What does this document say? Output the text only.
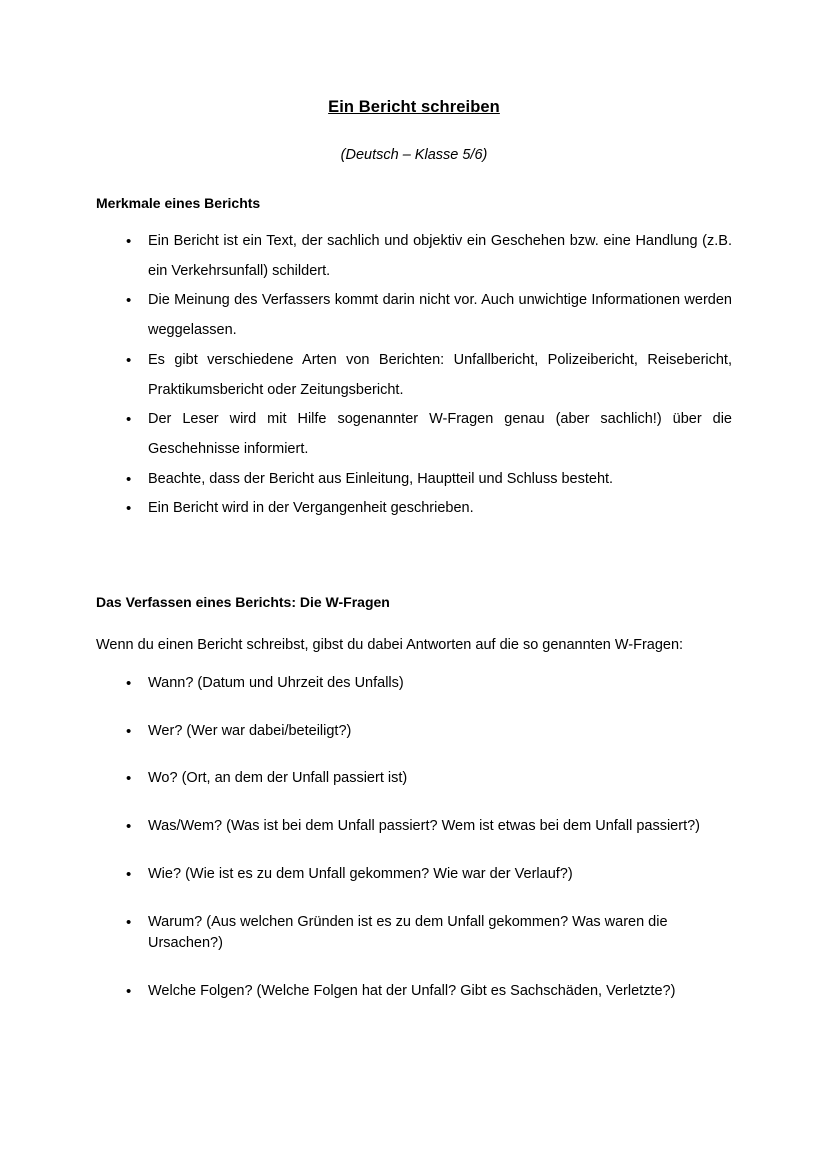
Ein Bericht schreiben

(Deutsch – Klasse 5/6)

Merkmale eines Berichts
• Ein Bericht ist ein Text, der sachlich und objektiv ein Geschehen bzw. eine Handlung (z.B. ein Verkehrsunfall) schildert.
• Die Meinung des Verfassers kommt darin nicht vor. Auch unwichtige Informationen werden weggelassen.
• Es gibt verschiedene Arten von Berichten: Unfallbericht, Polizeibericht, Reisebericht, Praktikumsbericht oder Zeitungsbericht.
• Der Leser wird mit Hilfe sogenannter W-Fragen genau (aber sachlich!) über die Geschehnisse informiert.
• Beachte, dass der Bericht aus Einleitung, Hauptteil und Schluss besteht.
• Ein Bericht wird in der Vergangenheit geschrieben.
Das Verfassen eines Berichts: Die W-Fragen

Wenn du einen Bericht schreibst, gibst du dabei Antworten auf die so genannten W-Fragen:

• Wann? (Datum und Uhrzeit des Unfalls)
• Wer? (Wer war dabei/beteiligt?)
• Wo? (Ort, an dem der Unfall passiert ist)
• Was/Wem? (Was ist bei dem Unfall passiert? Wem ist etwas bei dem Unfall passiert?)
• Wie? (Wie ist es zu dem Unfall gekommen? Wie war der Verlauf?)
• Warum? (Aus welchen Gründen ist es zu dem Unfall gekommen? Was waren die Ursachen?)
• Welche Folgen? (Welche Folgen hat der Unfall? Gibt es Sachschäden, Verletzte?)
